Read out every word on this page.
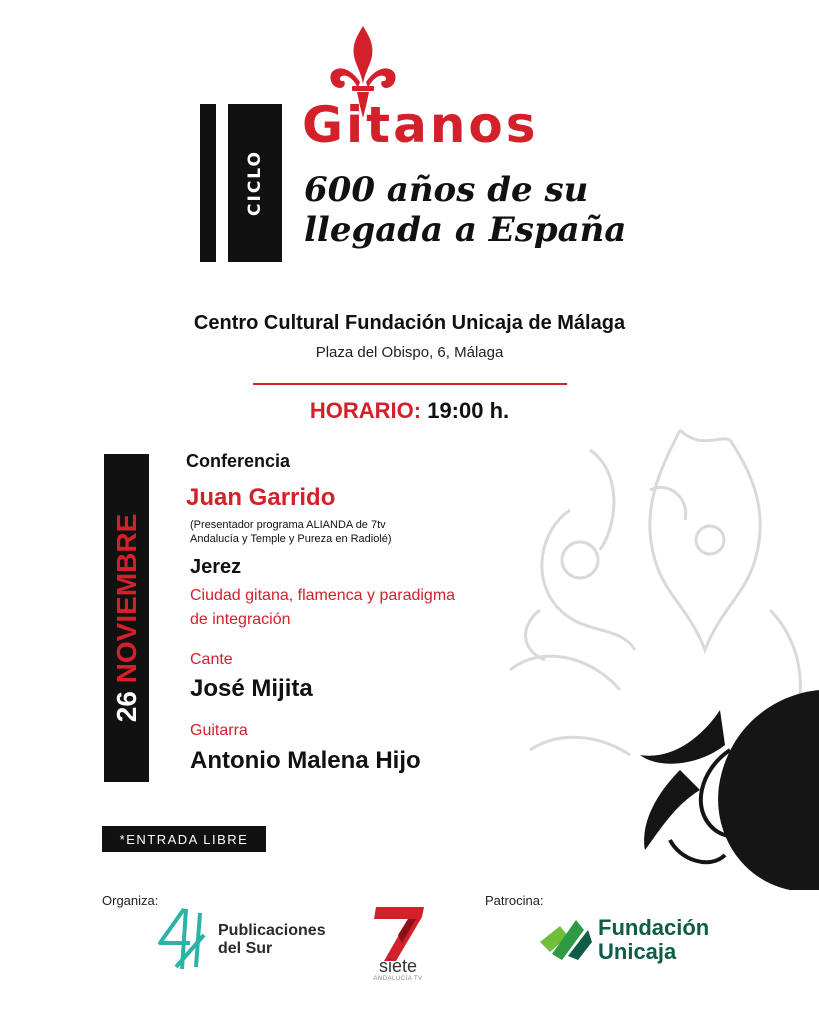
CICLO
Gitanos
600 años de su
llegada a España
Centro Cultural Fundación Unicaja de Málaga
Plaza del Obispo, 6, Málaga
HORARIO: 19:00 h.
26 NOVIEMBRE
Conferencia
Juan Garrido
(Presentador programa ALIANDA de 7tv
Andalucía y Temple y Pureza en Radiolé)
Jerez
Ciudad gitana, flamenca y paradigma
de integración
Cante
José Mijita
Guitarra
Antonio Malena Hijo
*ENTRADA LIBRE
Organiza:	Patrocina:
Publicaciones
del Sur
siete
ANDALUCÍA TV
Fundación
Unicaja
